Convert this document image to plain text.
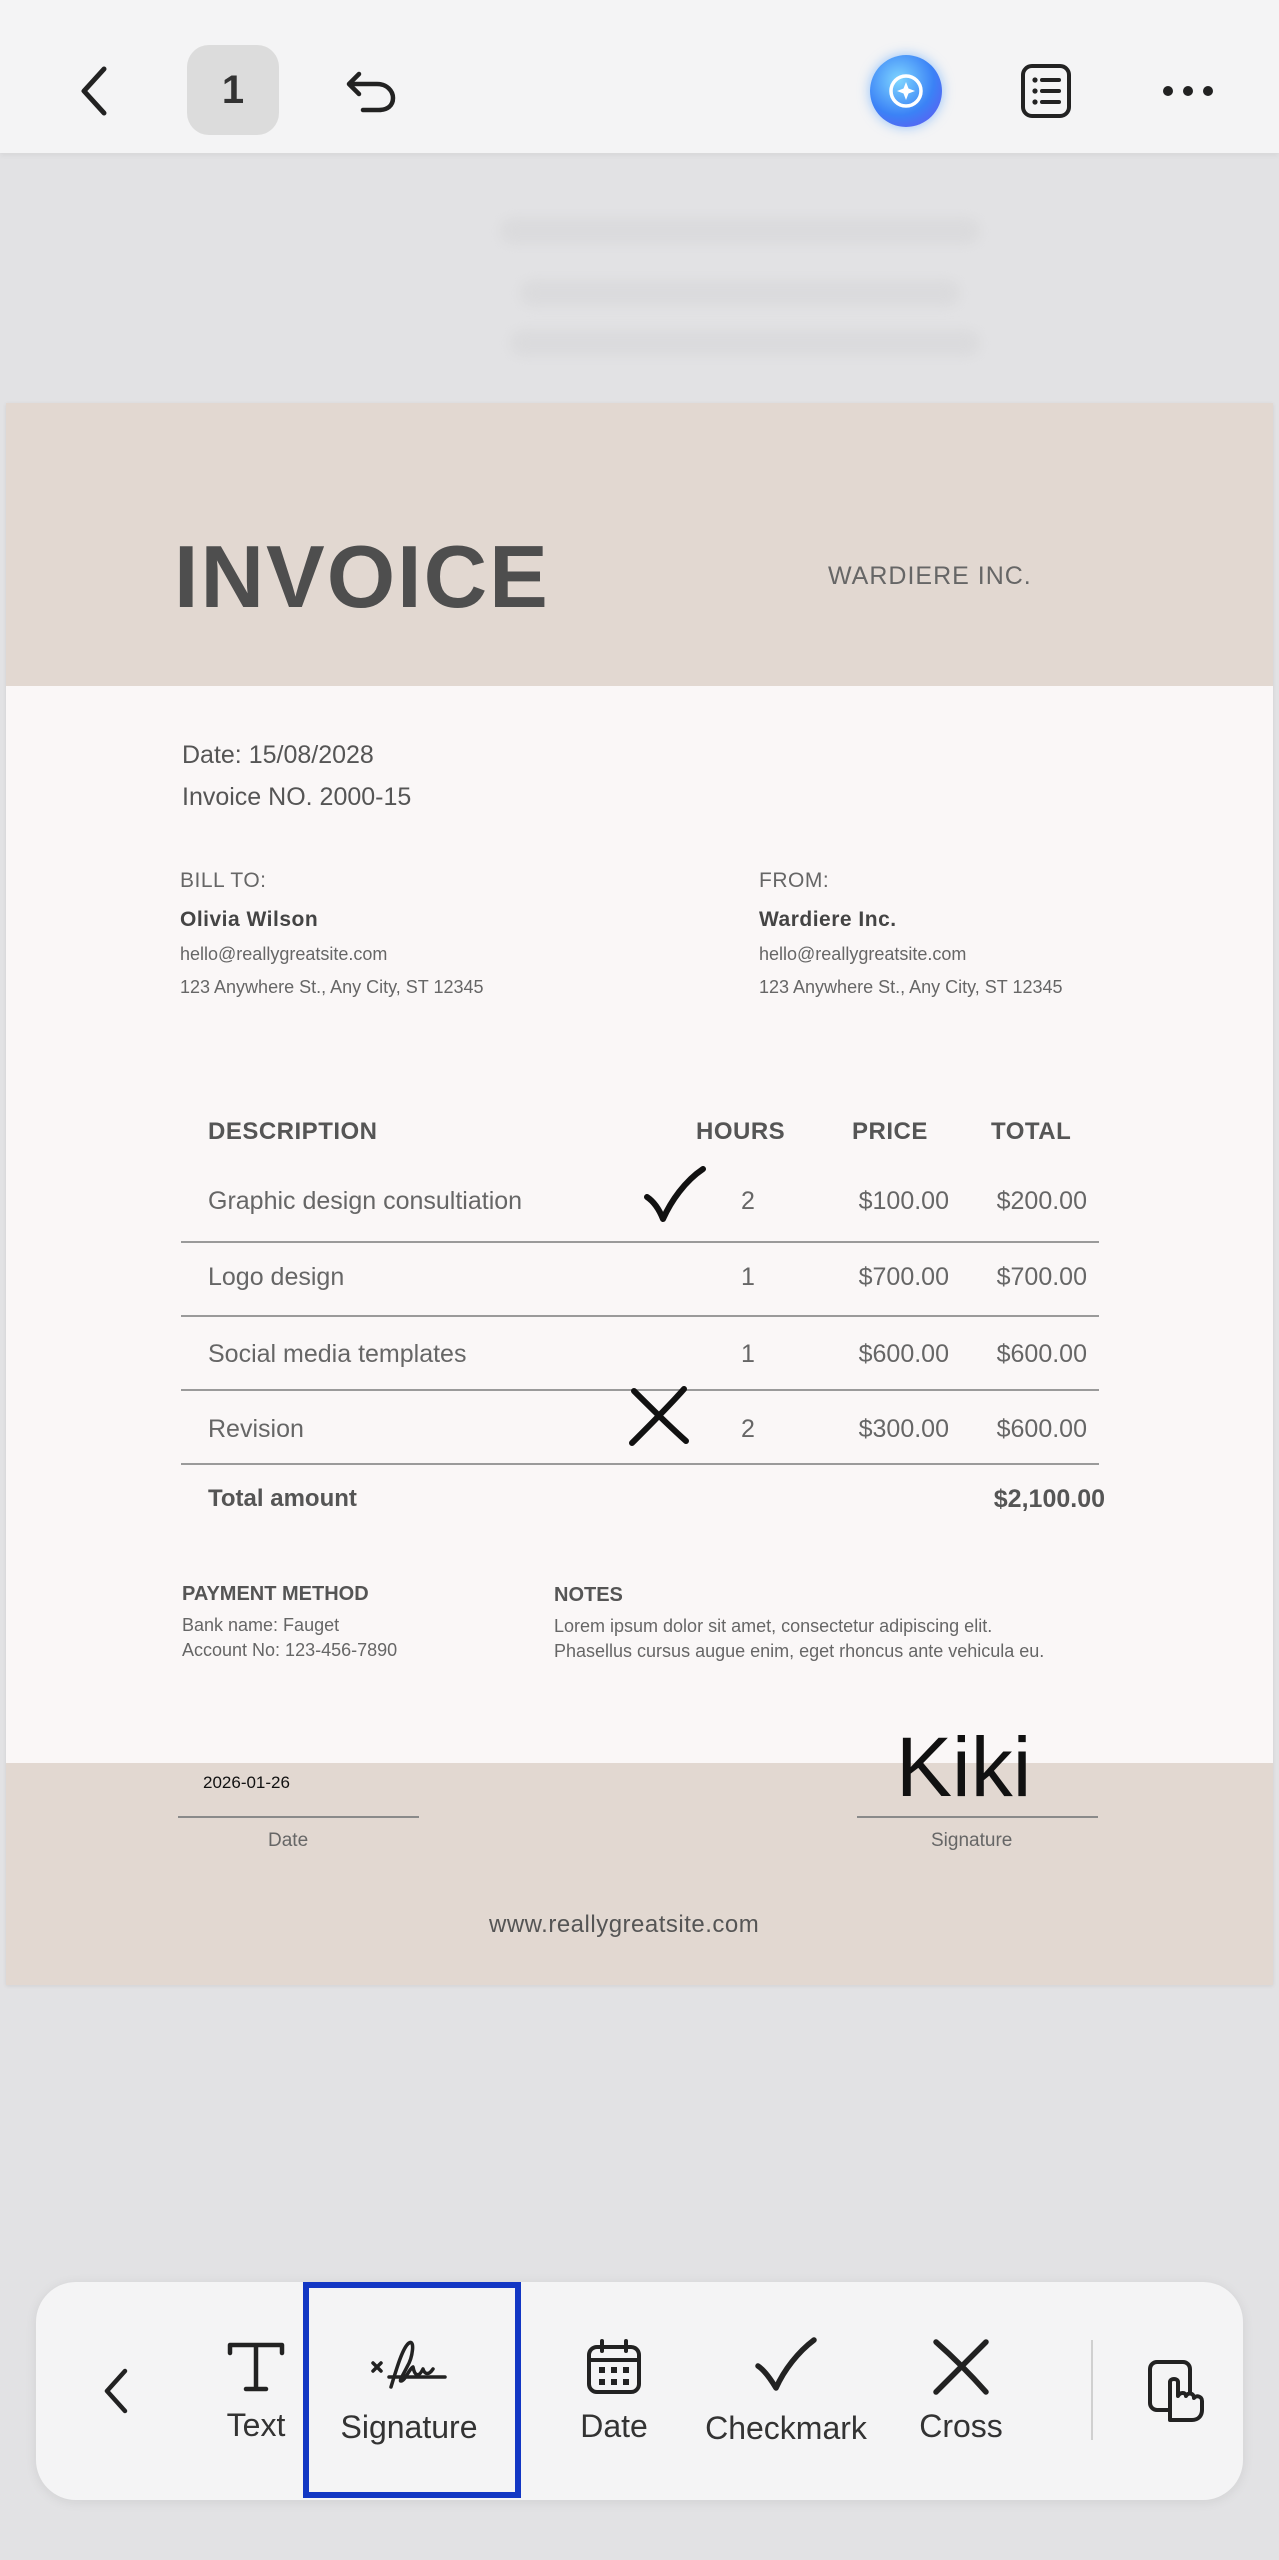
1
INVOICE	WARDIERE INC.
Date: 15/08/2028
Invoice NO. 2000-15
BILL TO:
Olivia Wilson
hello@reallygreatsite.com
123 Anywhere St., Any City, ST 12345
FROM:
Wardiere Inc.
hello@reallygreatsite.com
123 Anywhere St., Any City, ST 12345
DESCRIPTION	HOURS	PRICE	TOTAL
Graphic design consultiation	2	$100.00 $200.00
Logo design	1	$700.00 $700.00
Social media templates	1	$600.00 $600.00
Revision	2	$300.00 $600.00
Total amount	$2,100.00
PAYMENT METHOD
Bank name: Fauget
Account No: 123-456-7890
NOTES
Lorem ipsum dolor sit amet, consectetur adipiscing elit.
Phasellus cursus augue enim, eget rhoncus ante vehicula eu.
2026-01-26
Date
Kiki
Signature
www.reallygreatsite.com
Text Signature	Date Checkmark Cross
